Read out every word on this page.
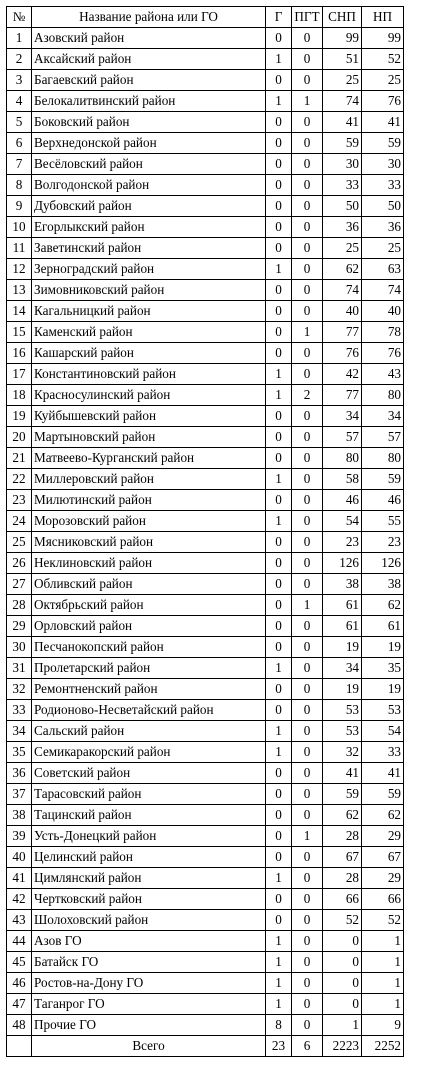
№	Название района или ГО	Г	ПГТ	СНП	НП
1	Азовский район	0	0	99	99
2	Аксайский район	1	0	51	52
3	Багаевский район	0	0	25	25
4	Белокалитвинский район	1	1	74	76
5	Боковский район	0	0	41	41
6	Верхнедонской район	0	0	59	59
7	Весёловский район	0	0	30	30
8	Волгодонской район	0	0	33	33
9	Дубовский район	0	0	50	50
10	Егорлыкский район	0	0	36	36
11	Заветинский район	0	0	25	25
12	Зерноградский район	1	0	62	63
13	Зимовниковский район	0	0	74	74
14	Кагальницкий район	0	0	40	40
15	Каменский район	0	1	77	78
16	Кашарский район	0	0	76	76
17	Константиновский район	1	0	42	43
18	Красносулинский район	1	2	77	80
19	Куйбышевский район	0	0	34	34
20	Мартыновский район	0	0	57	57
21	Матвеево-Курганский район	0	0	80	80
22	Миллеровский район	1	0	58	59
23	Милютинский район	0	0	46	46
24	Морозовский район	1	0	54	55
25	Мясниковский район	0	0	23	23
26	Неклиновский район	0	0	126	126
27	Обливский район	0	0	38	38
28	Октябрьский район	0	1	61	62
29	Орловский район	0	0	61	61
30	Песчанокопский район	0	0	19	19
31	Пролетарский район	1	0	34	35
32	Ремонтненский район	0	0	19	19
33	Родионово-Несветайский район	0	0	53	53
34	Сальский район	1	0	53	54
35	Семикаракорский район	1	0	32	33
36	Советский район	0	0	41	41
37	Тарасовский район	0	0	59	59
38	Тацинский район	0	0	62	62
39	Усть-Донецкий район	0	1	28	29
40	Целинский район	0	0	67	67
41	Цимлянский район	1	0	28	29
42	Чертковский район	0	0	66	66
43	Шолоховский район	0	0	52	52
44	Азов ГО	1	0	0	1
45	Батайск ГО	1	0	0	1
46	Ростов-на-Дону ГО	1	0	0	1
47	Таганрог ГО	1	0	0	1
48	Прочие ГО	8	0	1	9
	Всего	23	6	2223	2252
